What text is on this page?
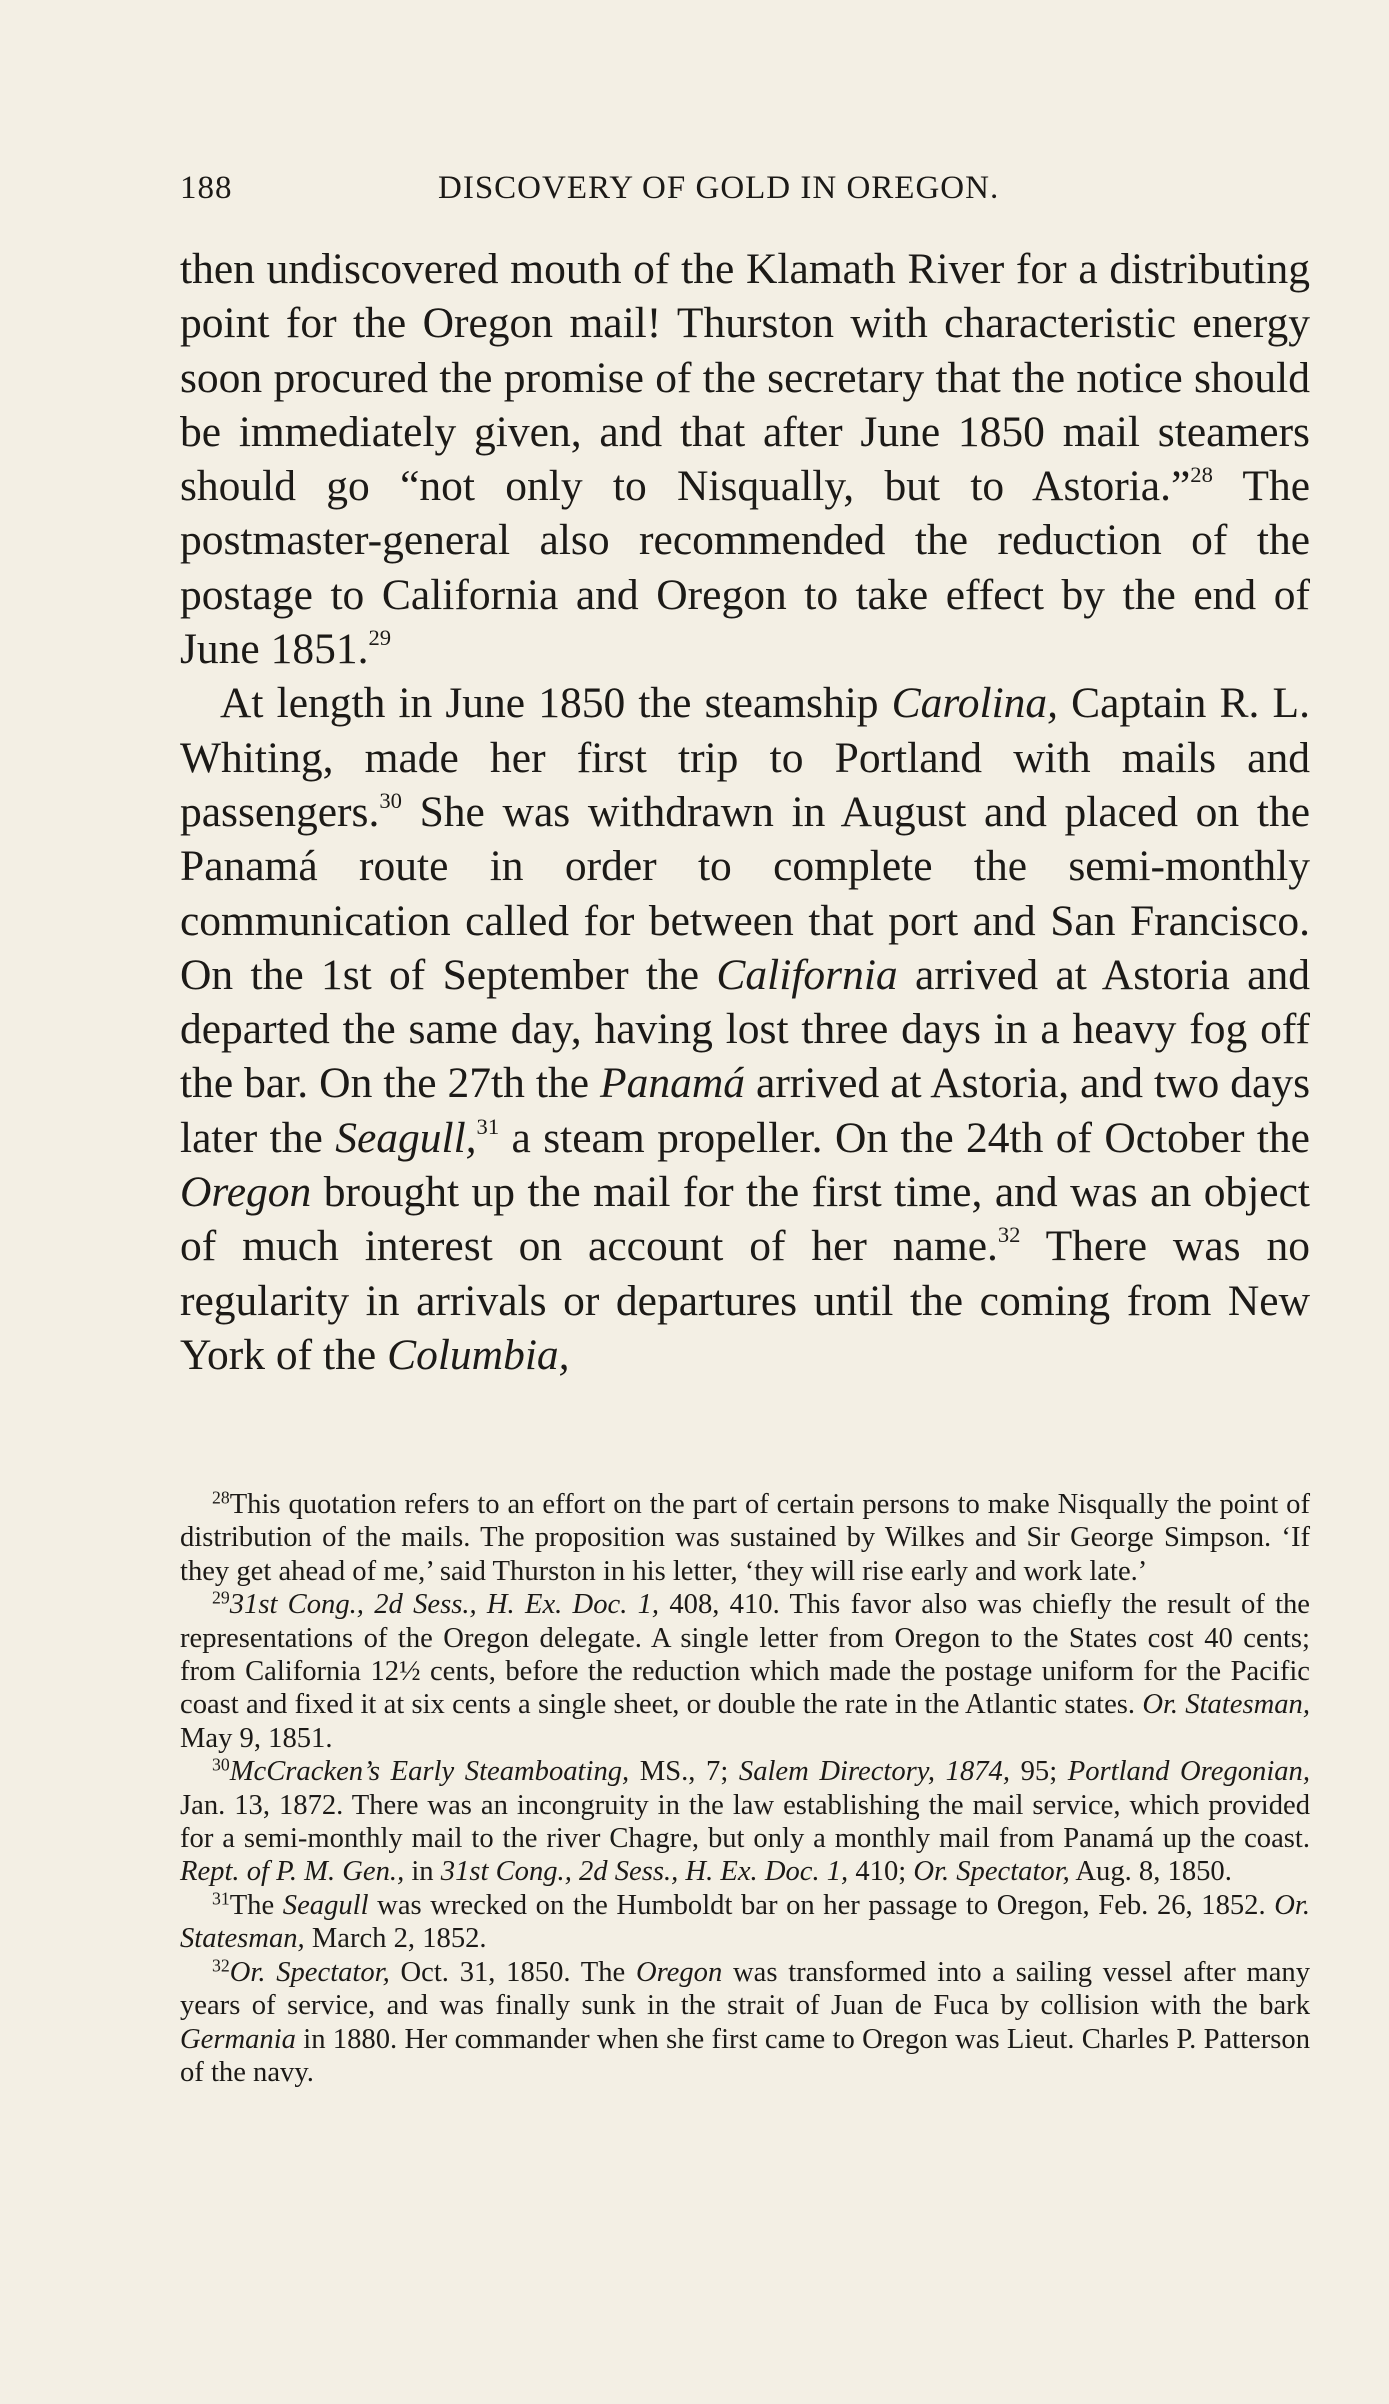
188	DISCOVERY OF GOLD IN OREGON.

then undiscovered mouth of the Klamath River for a distributing point for the Oregon mail! Thurston with characteristic energy soon procured the promise of the secretary that the notice should be immediately given, and that after June 1850 mail steamers should go “not only to Nisqually, but to Astoria.”$^{28}$ The postmaster-general also recommended the reduction of the postage to California and Oregon to take effect by the end of June 1851.29

At length in June 1850 the steamship Carolina, Captain R. L. Whiting, made her first trip to Portland with mails and passengers.$^{30}$ She was withdrawn in August and placed on the Panamá route in order to complete the semi-monthly communication called for between that port and San Francisco. On the 1st of September the California arrived at Astoria and departed the same day, having lost three days in a heavy fog off the bar. On the 27th the Panamá arrived at Astoria, and two days later the Seagull,$^{31}$ a steam propeller. On the 24th of October the Oregon brought up the mail for the first time, and was an object of much interest on account of her name.$^{32}$ There was no regularity in arrivals or departures until the coming from New York of the Columbia,

$^{28}$This quotation refers to an effort on the part of certain persons to make Nisqually the point of distribution of the mails. The proposition was sustained by Wilkes and Sir George Simpson. ‘If they get ahead of me,’ said Thurston in his letter, ‘they will rise early and work late.’

$^{29}$31st Cong., 2d Sess., H. Ex. Doc. 1, 408, 410. This favor also was chiefly the result of the representations of the Oregon delegate. A single letter from Oregon to the States cost 40 cents; from California 12½ cents, before the reduction which made the postage uniform for the Pacific coast and fixed it at six cents a single sheet, or double the rate in the Atlantic states. Or. Statesman, May 9, 1851.

$^{30}$McCracken’s Early Steamboating, MS., 7; Salem Directory, 1874, 95; Portland Oregonian, Jan. 13, 1872. There was an incongruity in the law establishing the mail service, which provided for a semi-monthly mail to the river Chagre, but only a monthly mail from Panamá up the coast. Rept. of P. M. Gen., in 31st Cong., 2d Sess., H. Ex. Doc. 1, 410; Or. Spectator, Aug. 8, 1850.

$^{31}$The Seagull was wrecked on the Humboldt bar on her passage to Oregon, Feb. 26, 1852. Or. Statesman, March 2, 1852.

$^{32}$Or. Spectator, Oct. 31, 1850. The Oregon was transformed into a sailing vessel after many years of service, and was finally sunk in the strait of Juan de Fuca by collision with the bark Germania in 1880. Her commander when she first came to Oregon was Lieut. Charles P. Patterson of the navy.
